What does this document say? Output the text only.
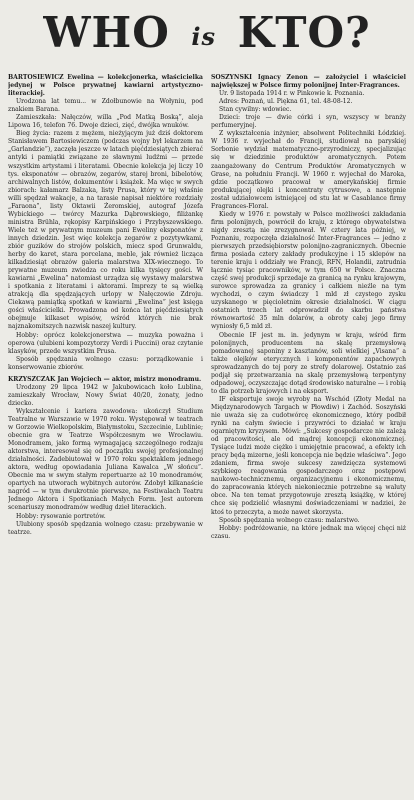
WHO is KTO?

BARTOSIEWICZ Ewelina — kolekcjonerka, właścicielka jedynej w Polsce prywatnej kawiarni artystyczno-literackiej.

Urodzona lat temu... w Zdołbunowie na Wołyniu, pod znakiem Barana.

Zamieszkała: Nałęczów, willa „Pod Matką Boską”, aleja Lipowa 16, telefon 76. Dwoje dzieci, zięć, dwójka wnuków.

Bieg życia: razem z mężem, nieżyjącym już dziś doktorem Stanisławem Bartosiewiczem (podczas wojny był lekarzem na „Garlandzie”), zaczęła jeszcze w latach pięćdziesiątych zbierać antyki i pamiątki związane ze sławnymi ludźmi — przede wszystkim artystami i literatami. Obecnie kolekcja jej liczy 10 tys. eksponatów — obrazów, zegarów, starej broni, bibelotów, archiwalnych listów, dokumentów i książek. Ma więc w swych zbiorach: kałamarz Balzaka, listy Prusa, który w tej właśnie willi spędzał wakacje, a na tarasie napisał niektóre rozdziały „Faraona”, listy Oktawii Żeromskiej, autograf Józefa Wybickiego — twórcy Mazurka Dąbrowskiego, filiżankę ministra Brühla, rękopisy Karpińskiego i Przybyszewskiego. Wiele też w prywatnym muzeum pani Eweliny eksponatów z innych dziedzin. Jest więc kolekcja zegarów z pozytywkami, zbiór guzików do strojów polskich, miecz spod Grunwaldu, herby do karet, stara porcelana, meble, jak również licząca kilkadziesiąt obrazów galeria malarstwa XIX-wiecznego. To prywatne muzeum zwiedza co roku kilka tysięcy gości. W kawiarni „Ewelina” natomiast urządza się wystawy malarstwa i spotkania z literatami i aktorami. Imprezy te są wielką atrakcją dla spędzających urlopy w Nałęczowie Zdroju. Ciekawą pamiątką spotkań w kawiarni „Ewelina” jest księga gości właścicielki. Prowadzona od końca lat pięćdziesiątych obejmuje kilkaset wpisów, wśród których nie brak najznakomitszych nazwisk naszej kultury.

Hobby: oprócz kolekcjonerstwa — muzyka poważna i operowa (ulubieni kompozytorzy Verdi i Puccini) oraz czytanie klasyków, przede wszystkim Prusa.

Sposób spędzania wolnego czasu: porządkowanie i konserwowanie zbiorów.

KRZYSZCZAK Jan Wojciech — aktor, mistrz monodramu.

Urodzony 29 lipca 1942 w Jakubowicach koło Lublina, zamieszkały Wrocław, Nowy Świat 40/20, żonaty, jedno dziecko.

Wykształcenie i kariera zawodowa: ukończył Studium Teatralne w Warszawie w 1970 roku. Występował w teatrach w Gorzowie Wielkopolskim, Białymstoku, Szczecinie, Lublinie; obecnie gra w Teatrze Współczesnym we Wrocławiu. Monodramem, jako formą wymagającą szczególnego rodzaju aktorstwa, interesował się od początku swojej profesjonalnej działalności. Zadebiutował w 1970 roku spektaklem jednego aktora, według opowiadania Juliana Kawalca „W słońcu”. Obecnie ma w swym stałym repertuarze aż 10 monodramów, opartych na utworach wybitnych autorów. Zdobył kilkanaście nagród — w tym dwukrotnie pierwsze, na Festiwalach Teatru Jednego Aktora i Spotkaniach Małych Form. Jest autorem scenariuszy monodramów według dzieł literackich.

Hobby: rysowanie portretów.

Ulubiony sposób spędzania wolnego czasu: przebywanie w teatrze.

SOSZYŃSKI Ignacy Zenon — założyciel i właściciel największej w Polsce firmy polonijnej Inter-Fragrances.

Ur. 9 listopada 1914 r. w Pinkowie k. Poznania.

Adres: Poznań, ul. Piękna 61, tel. 48-08-12.

Stan cywilny: wdowiec.

Dzieci: troje — dwie córki i syn, wszyscy w branży perfumeryjnej.

Z wykształcenia inżynier, absolwent Politechniki Łódzkiej. W 1936 r. wyjechał do Francji, studiował na paryskiej Sorbonie wydział matematyczno-przyrodniczy, specjalizując się w dziedzinie produktów aromatycznych. Potem zaangażowany do Centrum Produktów Aromatycznych w Grase, na południu Francji. W 1960 r. wyjechał do Maroka, gdzie początkowo pracował w amerykańskiej firmie produkującej olejki i koncentraty cytrusowe, a następnie został udziałowcem istniejącej od stu lat w Casablance firmy Fragrances-Floral.

Kiedy w 1976 r. powstały w Polsce możliwości zakładania firm polonijnych, powrócił do kraju, z którego obywatelstwa nigdy zresztą nie zrezygnował. W cztery lata później, w Poznaniu, rozpoczęła działalność Inter-Fragrances — jedno z pierwszych przedsiębiorstw polonijno-zagranicznych. Obecnie firma posiada cztery zakłady produkcyjne i 15 sklepów na terenie kraju i oddziały we Francji, RFN, Holandii, zatrudnia łącznie tysiąc pracowników, w tym 650 w Polsce. Znaczna część swej produkcji sprzedaje za granicą na rynku krajowym, surowce sprowadza za granicy i całkiem nieźle na tym wychodzi, o czym świadczy 1 mld zł czystego zysku uzyskanego w pięcioletnim okresie działalności. W ciągu ostatnich trzech lat odprowadził do skarbu państwa równowartość 35 mln dolarów, a obroty całej jego firmy wyniosły 6,5 mld zł.

Obecnie IF jest m. in. jedynym w kraju, wśród firm polonijnych, producentem na skalę przemysłową pomadowanej saponiny z kasztanów, soli wielkiej „Visana” a także olejków eterycznych i komponentów zapachowych sprowadzanych do tej pory ze strefy dolarowej. Ostatnio zaś podjął się przetwarzania na skalę przemysłową terpentyny odpadowej, oczyszczając dotąd środowisko naturalne — i robią to dla potrzeb krajowych i na eksport.

IF eksportuje swoje wyroby na Wschód (Złoty Medal na Międzynarodowych Targach w Płowdiw) i Zachód. Soszyński nie uważa się za cudotwórcę ekonomicznego, który podbił rynki na całym świecie i przywróci to działać w kraju ogarniętym kryzysem. Mówi: „Sukcesy gospodarcze nie zależą od pracowitości, ale od mądrej koncepcji ekonomicznej. Tysiące ludzi może ciężko i umiejętnie pracować, a efekty ich pracy będą mizerne, jeśli koncepcja nie będzie właściwa”. Jego zdaniem, firma swoje sukcesy zawdzięcza systemowi szybkiego reagowania gospodarczego oraz postępowi naukowo-technicznemu, organizacyjnemu i ekonomicznemu, do zapracowania których niekoniecznie potrzebne są waluty obce. Na ten temat przygotowuje zresztą książkę, w której chce się podzielić własnymi doświadczeniami w nadziei, że ktoś to przeczyta, a może nawet skorzysta.

Sposób spędzania wolnego czasu: malarstwo.

Hobby: podróżowanie, na które jednak ma więcej chęci niż czasu.
